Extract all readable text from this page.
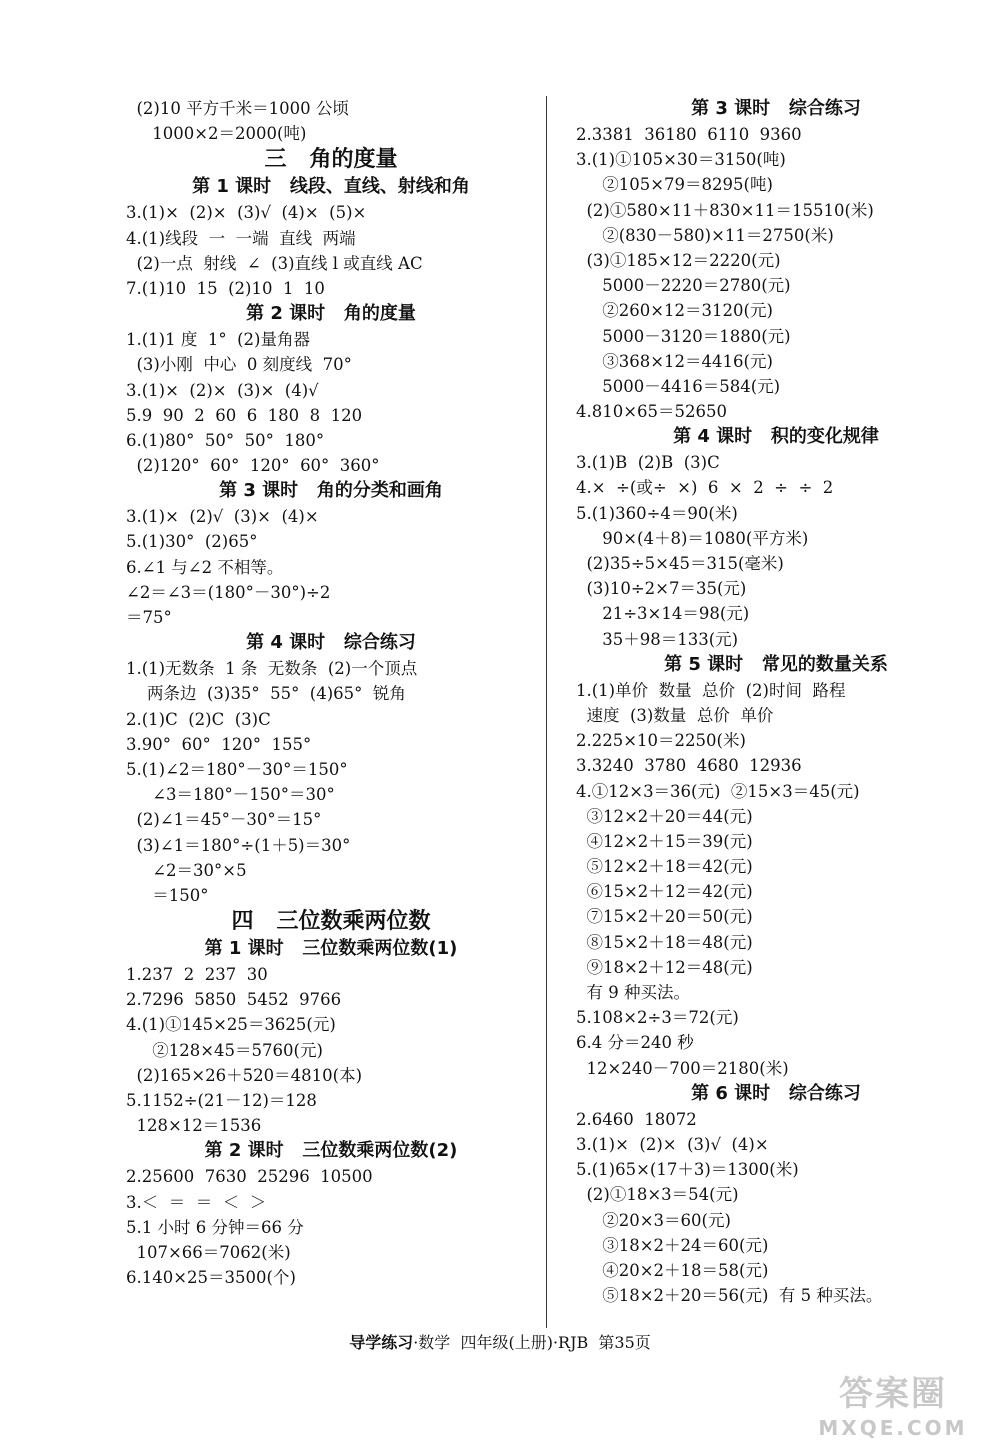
(2)10 平方千米＝1000 公顷
1000×2＝2000(吨)
三   角的度量
第 1 课时   线段、直线、射线和角
3.(1)×  (2)×  (3)√  (4)×  (5)×
4.(1)线段  一  一端  直线  两端
(2)一点  射线  ∠  (3)直线 l 或直线 AC
7.(1)10  15  (2)10  1  10
第 2 课时   角的度量
1.(1)1 度  1°  (2)量角器
(3)小刚  中心  0 刻度线  70°
3.(1)×  (2)×  (3)×  (4)√
5.9  90  2  60  6  180  8  120
6.(1)80°  50°  50°  180°
(2)120°  60°  120°  60°  360°
第 3 课时   角的分类和画角
3.(1)×  (2)√  (3)×  (4)×
5.(1)30°  (2)65°
6.∠1 与∠2 不相等。
∠2＝∠3＝(180°－30°)÷2
＝75°
第 4 课时   综合练习
1.(1)无数条  1 条  无数条  (2)一个顶点
两条边  (3)35°  55°  (4)65°  锐角
2.(1)C  (2)C  (3)C
3.90°  60°  120°  155°
5.(1)∠2＝180°－30°＝150°
∠3＝180°－150°＝30°
(2)∠1＝45°－30°＝15°
(3)∠1＝180°÷(1＋5)＝30°
∠2＝30°×5
＝150°
四   三位数乘两位数
第 1 课时   三位数乘两位数(1)
1.237  2  237  30
2.7296  5850  5452  9766
4.(1)①145×25＝3625(元)
②128×45＝5760(元)
(2)165×26＋520＝4810(本)
5.1152÷(21－12)＝128
128×12＝1536
第 2 课时   三位数乘两位数(2)
2.25600  7630  25296  10500
3.＜  ＝  ＝  ＜  ＞
5.1 小时 6 分钟＝66 分
107×66＝7062(米)
6.140×25＝3500(个)
第 3 课时   综合练习
2.3381  36180  6110  9360
3.(1)①105×30＝3150(吨)
②105×79＝8295(吨)
(2)①580×11＋830×11＝15510(米)
②(830－580)×11＝2750(米)
(3)①185×12＝2220(元)
5000－2220＝2780(元)
②260×12＝3120(元)
5000－3120＝1880(元)
③368×12＝4416(元)
5000－4416＝584(元)
4.810×65＝52650
第 4 课时   积的变化规律
3.(1)B  (2)B  (3)C
4.×  ÷(或÷  ×)  6  ×  2  ÷  ÷  2
5.(1)360÷4＝90(米)
90×(4＋8)＝1080(平方米)
(2)35÷5×45＝315(毫米)
(3)10÷2×7＝35(元)
21÷3×14＝98(元)
35＋98＝133(元)
第 5 课时   常见的数量关系
1.(1)单价  数量  总价  (2)时间  路程
速度  (3)数量  总价  单价
2.225×10＝2250(米)
3.3240  3780  4680  12936
4.①12×3＝36(元)  ②15×3＝45(元)
③12×2＋20＝44(元)
④12×2＋15＝39(元)
⑤12×2＋18＝42(元)
⑥15×2＋12＝42(元)
⑦15×2＋20＝50(元)
⑧15×2＋18＝48(元)
⑨18×2＋12＝48(元)
有 9 种买法。
5.108×2÷3＝72(元)
6.4 分＝240 秒
12×240－700＝2180(米)
第 6 课时   综合练习
2.6460  18072
3.(1)×  (2)×  (3)√  (4)×
5.(1)65×(17＋3)＝1300(米)
(2)①18×3＝54(元)
②20×3＝60(元)
③18×2＋24＝60(元)
④20×2＋18＝58(元)
⑤18×2＋20＝56(元)  有 5 种买法。
导学练习·数学  四年级(上册)·RJB  第35页
答案圈
MXQE.COM
